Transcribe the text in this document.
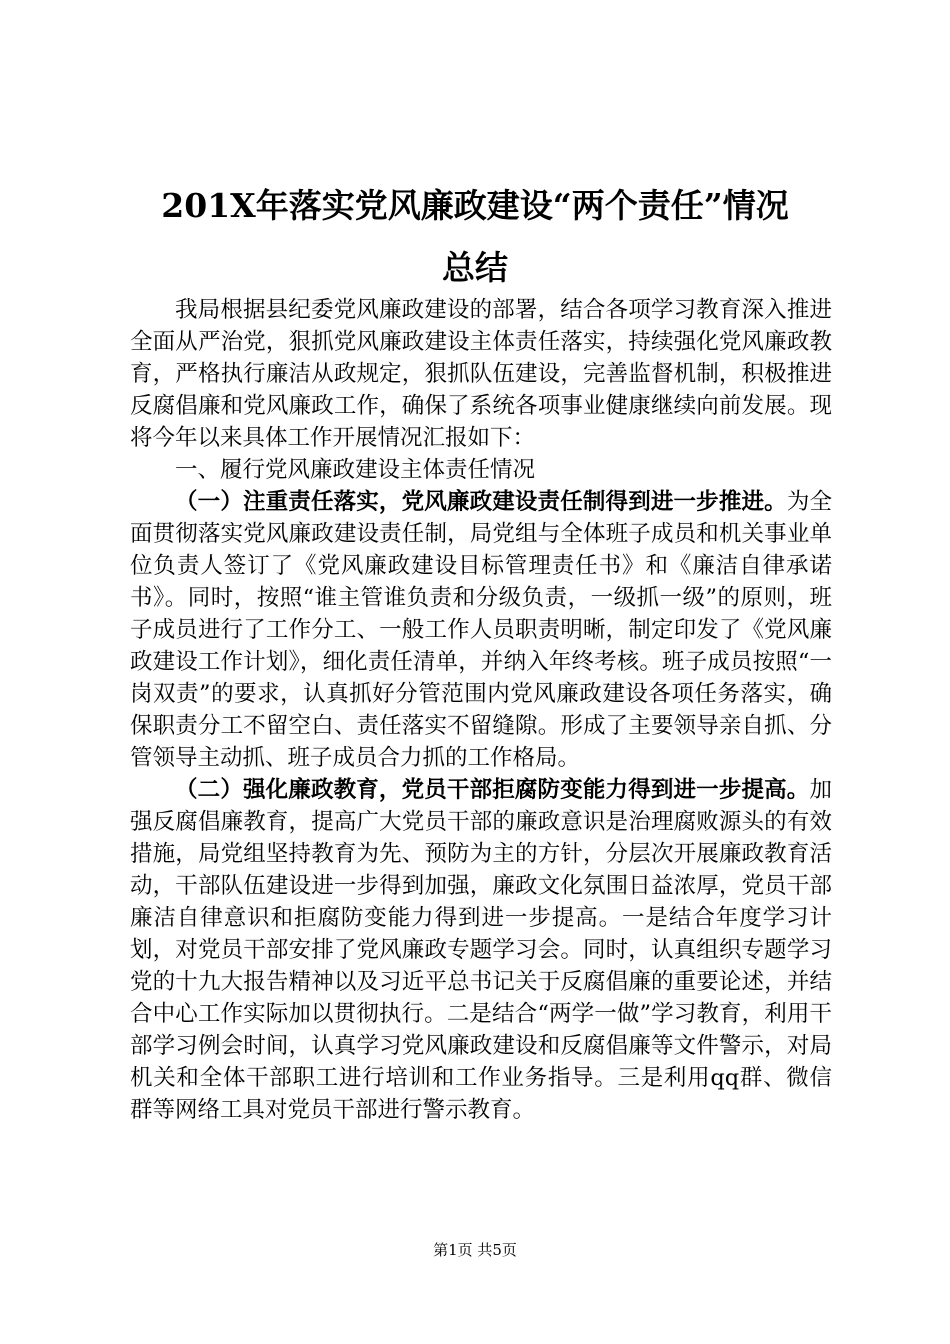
201X年落实党风廉政建设“两个责任”情况
总结

我局根据县纪委党风廉政建设的部署，结合各项学习教育深入推进全面从严治党，狠抓党风廉政建设主体责任落实，持续强化党风廉政教育，严格执行廉洁从政规定，狠抓队伍建设，完善监督机制，积极推进反腐倡廉和党风廉政工作，确保了系统各项事业健康继续向前发展。现将今年以来具体工作开展情况汇报如下：

一、履行党风廉政建设主体责任情况

（一）注重责任落实，党风廉政建设责任制得到进一步推进。为全面贯彻落实党风廉政建设责任制，局党组与全体班子成员和机关事业单位负责人签订了《党风廉政建设目标管理责任书》和《廉洁自律承诺书》。同时，按照“谁主管谁负责和分级负责，一级抓一级”的原则，班子成员进行了工作分工、一般工作人员职责明晰，制定印发了《党风廉政建设工作计划》，细化责任清单，并纳入年终考核。班子成员按照“一岗双责”的要求，认真抓好分管范围内党风廉政建设各项任务落实，确保职责分工不留空白、责任落实不留缝隙。形成了主要领导亲自抓、分管领导主动抓、班子成员合力抓的工作格局。

（二）强化廉政教育，党员干部拒腐防变能力得到进一步提高。加强反腐倡廉教育，提高广大党员干部的廉政意识是治理腐败源头的有效措施，局党组坚持教育为先、预防为主的方针，分层次开展廉政教育活动，干部队伍建设进一步得到加强，廉政文化氛围日益浓厚，党员干部廉洁自律意识和拒腐防变能力得到进一步提高。一是结合年度学习计划，对党员干部安排了党风廉政专题学习会。同时，认真组织专题学习党的十九大报告精神以及习近平总书记关于反腐倡廉的重要论述，并结合中心工作实际加以贯彻执行。二是结合“两学一做”学习教育，利用干部学习例会时间，认真学习党风廉政建设和反腐倡廉等文件警示，对局机关和全体干部职工进行培训和工作业务指导。三是利用qq群、微信群等网络工具对党员干部进行警示教育。

第1页 共5页
